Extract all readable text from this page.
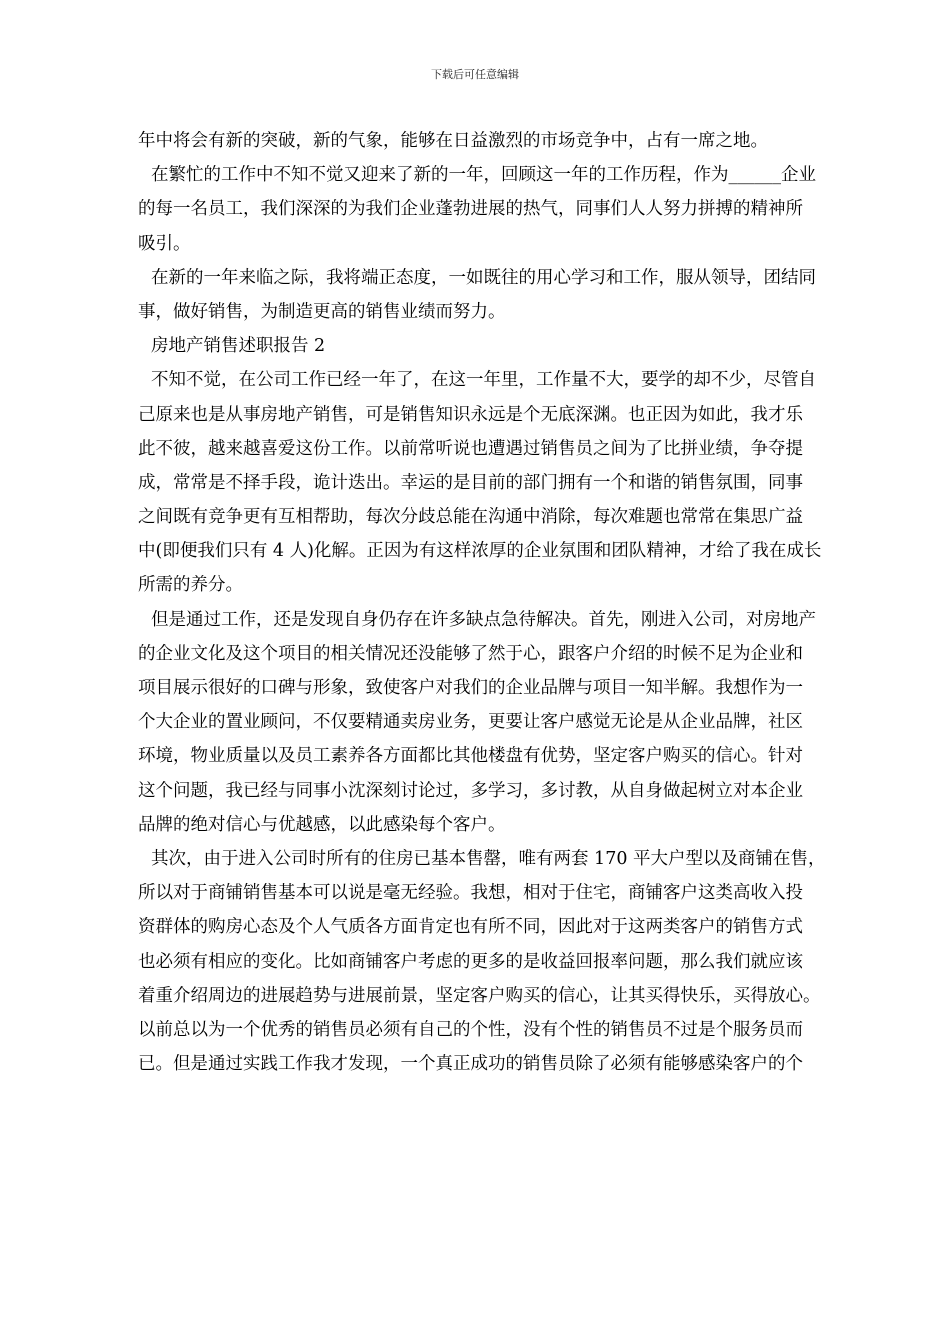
下载后可任意编辑
年中将会有新的突破，新的气象，能够在日益激烈的市场竞争中，占有一席之地。
在繁忙的工作中不知不觉又迎来了新的一年，回顾这一年的工作历程，作为______企业
的每一名员工，我们深深的为我们企业蓬勃进展的热气，同事们人人努力拼搏的精神所
吸引。
在新的一年来临之际，我将端正态度，一如既往的用心学习和工作，服从领导，团结同
事，做好销售，为制造更高的销售业绩而努力。
房地产销售述职报告 2
不知不觉，在公司工作已经一年了，在这一年里，工作量不大，要学的却不少，尽管自
己原来也是从事房地产销售，可是销售知识永远是个无底深渊。也正因为如此，我才乐
此不彼，越来越喜爱这份工作。以前常听说也遭遇过销售员之间为了比拼业绩，争夺提
成，常常是不择手段，诡计迭出。幸运的是目前的部门拥有一个和谐的销售氛围，同事
之间既有竞争更有互相帮助，每次分歧总能在沟通中消除，每次难题也常常在集思广益
中(即便我们只有 4 人)化解。正因为有这样浓厚的企业氛围和团队精神，才给了我在成长
所需的养分。
但是通过工作，还是发现自身仍存在许多缺点急待解决。首先，刚进入公司，对房地产
的企业文化及这个项目的相关情况还没能够了然于心，跟客户介绍的时候不足为企业和
项目展示很好的口碑与形象，致使客户对我们的企业品牌与项目一知半解。我想作为一
个大企业的置业顾问，不仅要精通卖房业务，更要让客户感觉无论是从企业品牌，社区
环境，物业质量以及员工素养各方面都比其他楼盘有优势，坚定客户购买的信心。针对
这个问题，我已经与同事小沈深刻讨论过，多学习，多讨教，从自身做起树立对本企业
品牌的绝对信心与优越感，以此感染每个客户。
其次，由于进入公司时所有的住房已基本售罄，唯有两套 170 平大户型以及商铺在售，
所以对于商铺销售基本可以说是毫无经验。我想，相对于住宅，商铺客户这类高收入投
资群体的购房心态及个人气质各方面肯定也有所不同，因此对于这两类客户的销售方式
也必须有相应的变化。比如商铺客户考虑的更多的是收益回报率问题，那么我们就应该
着重介绍周边的进展趋势与进展前景，坚定客户购买的信心，让其买得快乐，买得放心。
以前总以为一个优秀的销售员必须有自己的个性，没有个性的销售员不过是个服务员而
已。但是通过实践工作我才发现，一个真正成功的销售员除了必须有能够感染客户的个
